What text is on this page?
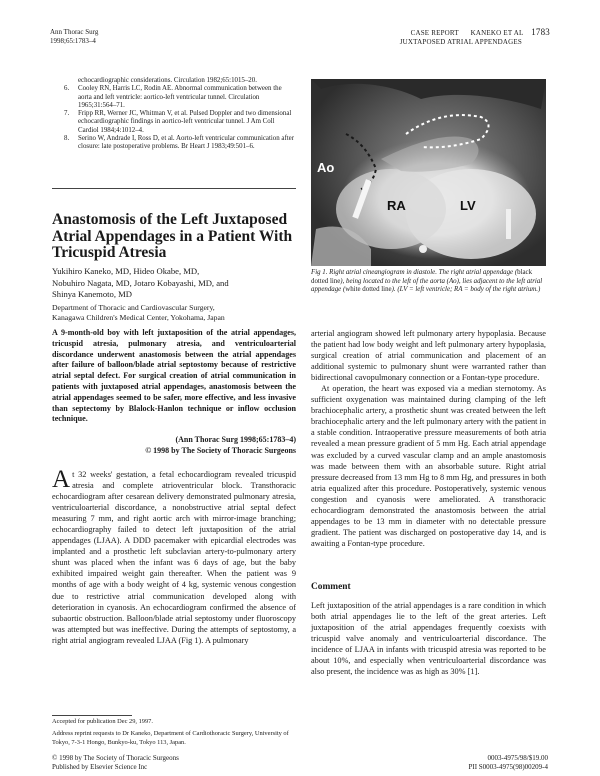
Ann Thorac Surg
1998;65:1783–4
CASE REPORT KANEKO ET AL 1783
JUXTAPOSED ATRIAL APPENDAGES

echocardiographic considerations. Circulation 1982;65:1015–20.

6. Cooley RN, Harris LC, Rodin AE. Abnormal communication between the aorta and left ventricle: aortico-left ventricular tunnel. Circulation 1965;31:564–71.

7. Fripp RR, Werner JC, Whitman V, et al. Pulsed Doppler and two dimensional echocardiographic findings in aortico-left ventricular tunnel. J Am Coll Cardiol 1984;4:1012–4.

8. Serino W, Andrade I, Ross D, et al. Aorto-left ventricular communication after closure: late postoperative problems. Br Heart J 1983;49:501–6.

Anastomosis of the Left Juxtaposed Atrial Appendages in a Patient With Tricuspid Atresia
Yukihiro Kaneko, MD, Hideo Okabe, MD,
Nobuhiro Nagata, MD, Jotaro Kobayashi, MD, and
Shinya Kanemoto, MD
Department of Thoracic and Cardiovascular Surgery,
Kanagawa Children's Medical Center, Yokohama, Japan

A 9-month-old boy with left juxtaposition of the atrial appendages, tricuspid atresia, pulmonary atresia, and ventriculoarterial discordance underwent anastomosis between the atrial appendages after failure of balloon/blade atrial septostomy because of restrictive atrial septal defect. For surgical creation of atrial communication in patients with juxtaposed atrial appendages, anastomosis between the atrial appendages seemed to be safer, more effective, and less invasive than septectomy by Blalock-Hanlon technique or inflow occlusion technique.

(Ann Thorac Surg 1998;65:1783–4)
© 1998 by The Society of Thoracic Surgeons

At 32 weeks' gestation, a fetal echocardiogram revealed tricuspid atresia and complete atrioventricular block. Transthoracic echocardiogram after cesarean delivery demonstrated pulmonary atresia, ventriculoarterial discordance, a nonobstructive atrial septal defect measuring 7 mm, and right aortic arch with mirror-image branching; echocardiography failed to detect left juxtaposition of the atrial appendages (LJAA). A DDD pacemaker with epicardial electrodes was implanted and a prosthetic left subclavian artery-to-pulmonary artery shunt was placed when the infant was 6 days of age, but the baby exhibited impaired weight gain thereafter. When the patient was 9 months of age with a body weight of 4 kg, systemic venous congestion due to restrictive atrial communication developed along with deterioration in cyanosis. An echocardiogram confirmed the absence of subaortic obstruction. Balloon/blade atrial septostomy under fluoroscopy was attempted but was ineffective. During the attempts of septostomy, a right atrial angiogram revealed LJAA (Fig 1). A pulmonary

Accepted for publication Dec 29, 1997.

Address reprint requests to Dr Kaneko, Department of Cardiothoracic Surgery, University of Tokyo, 7-3-1 Hongo, Bunkyo-ku, Tokyo 113, Japan.

Ao
RA	LV

Fig 1. Right atrial cineangiogram in diastole. The right atrial appendage (black dotted line), being located to the left of the aorta (Ao), lies adjacent to the left atrial appendage (white dotted line). (LV = left ventricle; RA = body of the right atrium.)

arterial angiogram showed left pulmonary artery hypoplasia. Because the patient had low body weight and left pulmonary artery hypoplasia, surgical creation of atrial communication and placement of an additional systemic to pulmonary shunt were warranted rather than bidirectional cavopulmonary connection or a Fontan-type procedure.

At operation, the heart was exposed via a median sternotomy. As sufficient oxygenation was maintained during clamping of the left brachiocephalic artery, a prosthetic shunt was created between the left brachiocephalic artery and the left pulmonary artery with the patient in a stable condition. Intraoperative pressure measurements of both atria revealed a mean pressure gradient of 5 mm Hg. Each atrial appendage was excluded by a curved vascular clamp and an ample anastomosis was made between them with an absorbable suture. Right atrial pressure decreased from 13 mm Hg to 8 mm Hg, and pressures in both atria equalized after this procedure. Postoperatively, systemic venous congestion and cyanosis were ameliorated. A transthoracic echocardiogram demonstrated the anastomosis between the atrial appendages to be 13 mm in diameter with no detectable pressure gradient. The patient was discharged on postoperative day 14, and is awaiting a Fontan-type procedure.

Comment

Left juxtaposition of the atrial appendages is a rare condition in which both atrial appendages lie to the left of the great arteries. Left juxtaposition of the atrial appendages frequently coexists with tricuspid valve anomaly and ventriculoarterial discordance. The incidence of LJAA in infants with tricuspid atresia was reported to be about 10%, and especially when ventriculoarterial discordance was also present, the incidence was as high as 30% [1].

© 1998 by The Society of Thoracic Surgeons
Published by Elsevier Science Inc
0003-4975/98/$19.00
PII S0003-4975(98)00209-4
